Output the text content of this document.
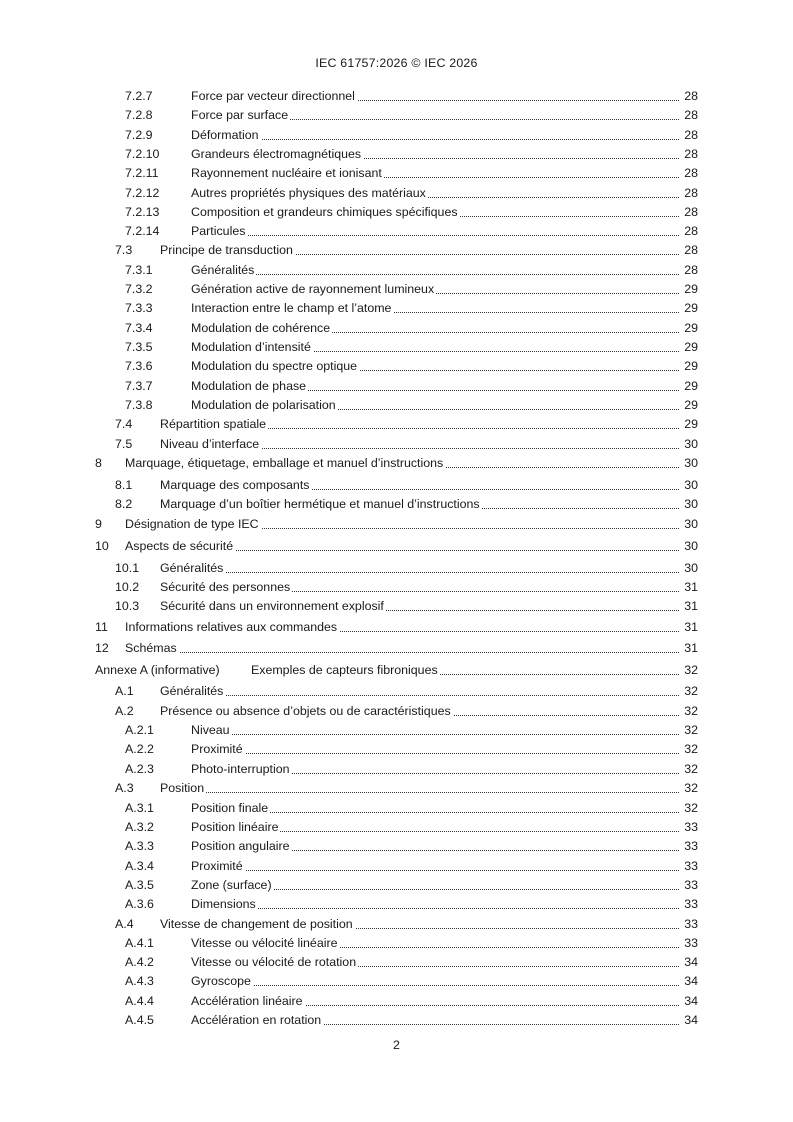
IEC 61757:2026 © IEC 2026
7.2.7	Force par vecteur directionnel	28
7.2.8	Force par surface	28
7.2.9	Déformation	28
7.2.10	Grandeurs électromagnétiques	28
7.2.11	Rayonnement nucléaire et ionisant	28
7.2.12	Autres propriétés physiques des matériaux	28
7.2.13	Composition et grandeurs chimiques spécifiques	28
7.2.14	Particules	28
7.3 Principe de transduction	28
7.3.1	Généralités	28
7.3.2	Génération active de rayonnement lumineux	29
7.3.3	Interaction entre le champ et l’atome	29
7.3.4	Modulation de cohérence	29
7.3.5	Modulation d’intensité	29
7.3.6	Modulation du spectre optique	29
7.3.7	Modulation de phase	29
7.3.8	Modulation de polarisation	29
7.4 Répartition spatiale	29
7.5 Niveau d’interface	30
8 Marquage, étiquetage, emballage et manuel d’instructions	30
8.1 Marquage des composants	30
8.2 Marquage d’un boîtier hermétique et manuel d’instructions	30
9 Désignation de type IEC	30
10 Aspects de sécurité	30
10.1 Généralités	30
10.2 Sécurité des personnes	31
10.3 Sécurité dans un environnement explosif	31
11 Informations relatives aux commandes	31
12 Schémas	31
Annexe A (informative)	Exemples de capteurs fibroniques	32
A.1 Généralités	32
A.2 Présence ou absence d’objets ou de caractéristiques	32
A.2.1	Niveau	32
A.2.2	Proximité	32
A.2.3	Photo-interruption	32
A.3 Position	32
A.3.1	Position finale	32
A.3.2	Position linéaire	33
A.3.3	Position angulaire	33
A.3.4	Proximité	33
A.3.5	Zone (surface)	33
A.3.6	Dimensions	33
A.4 Vitesse de changement de position	33
A.4.1	Vitesse ou vélocité linéaire	33
A.4.2	Vitesse ou vélocité de rotation	34
A.4.3	Gyroscope	34
A.4.4	Accélération linéaire	34
A.4.5	Accélération en rotation	34
2
